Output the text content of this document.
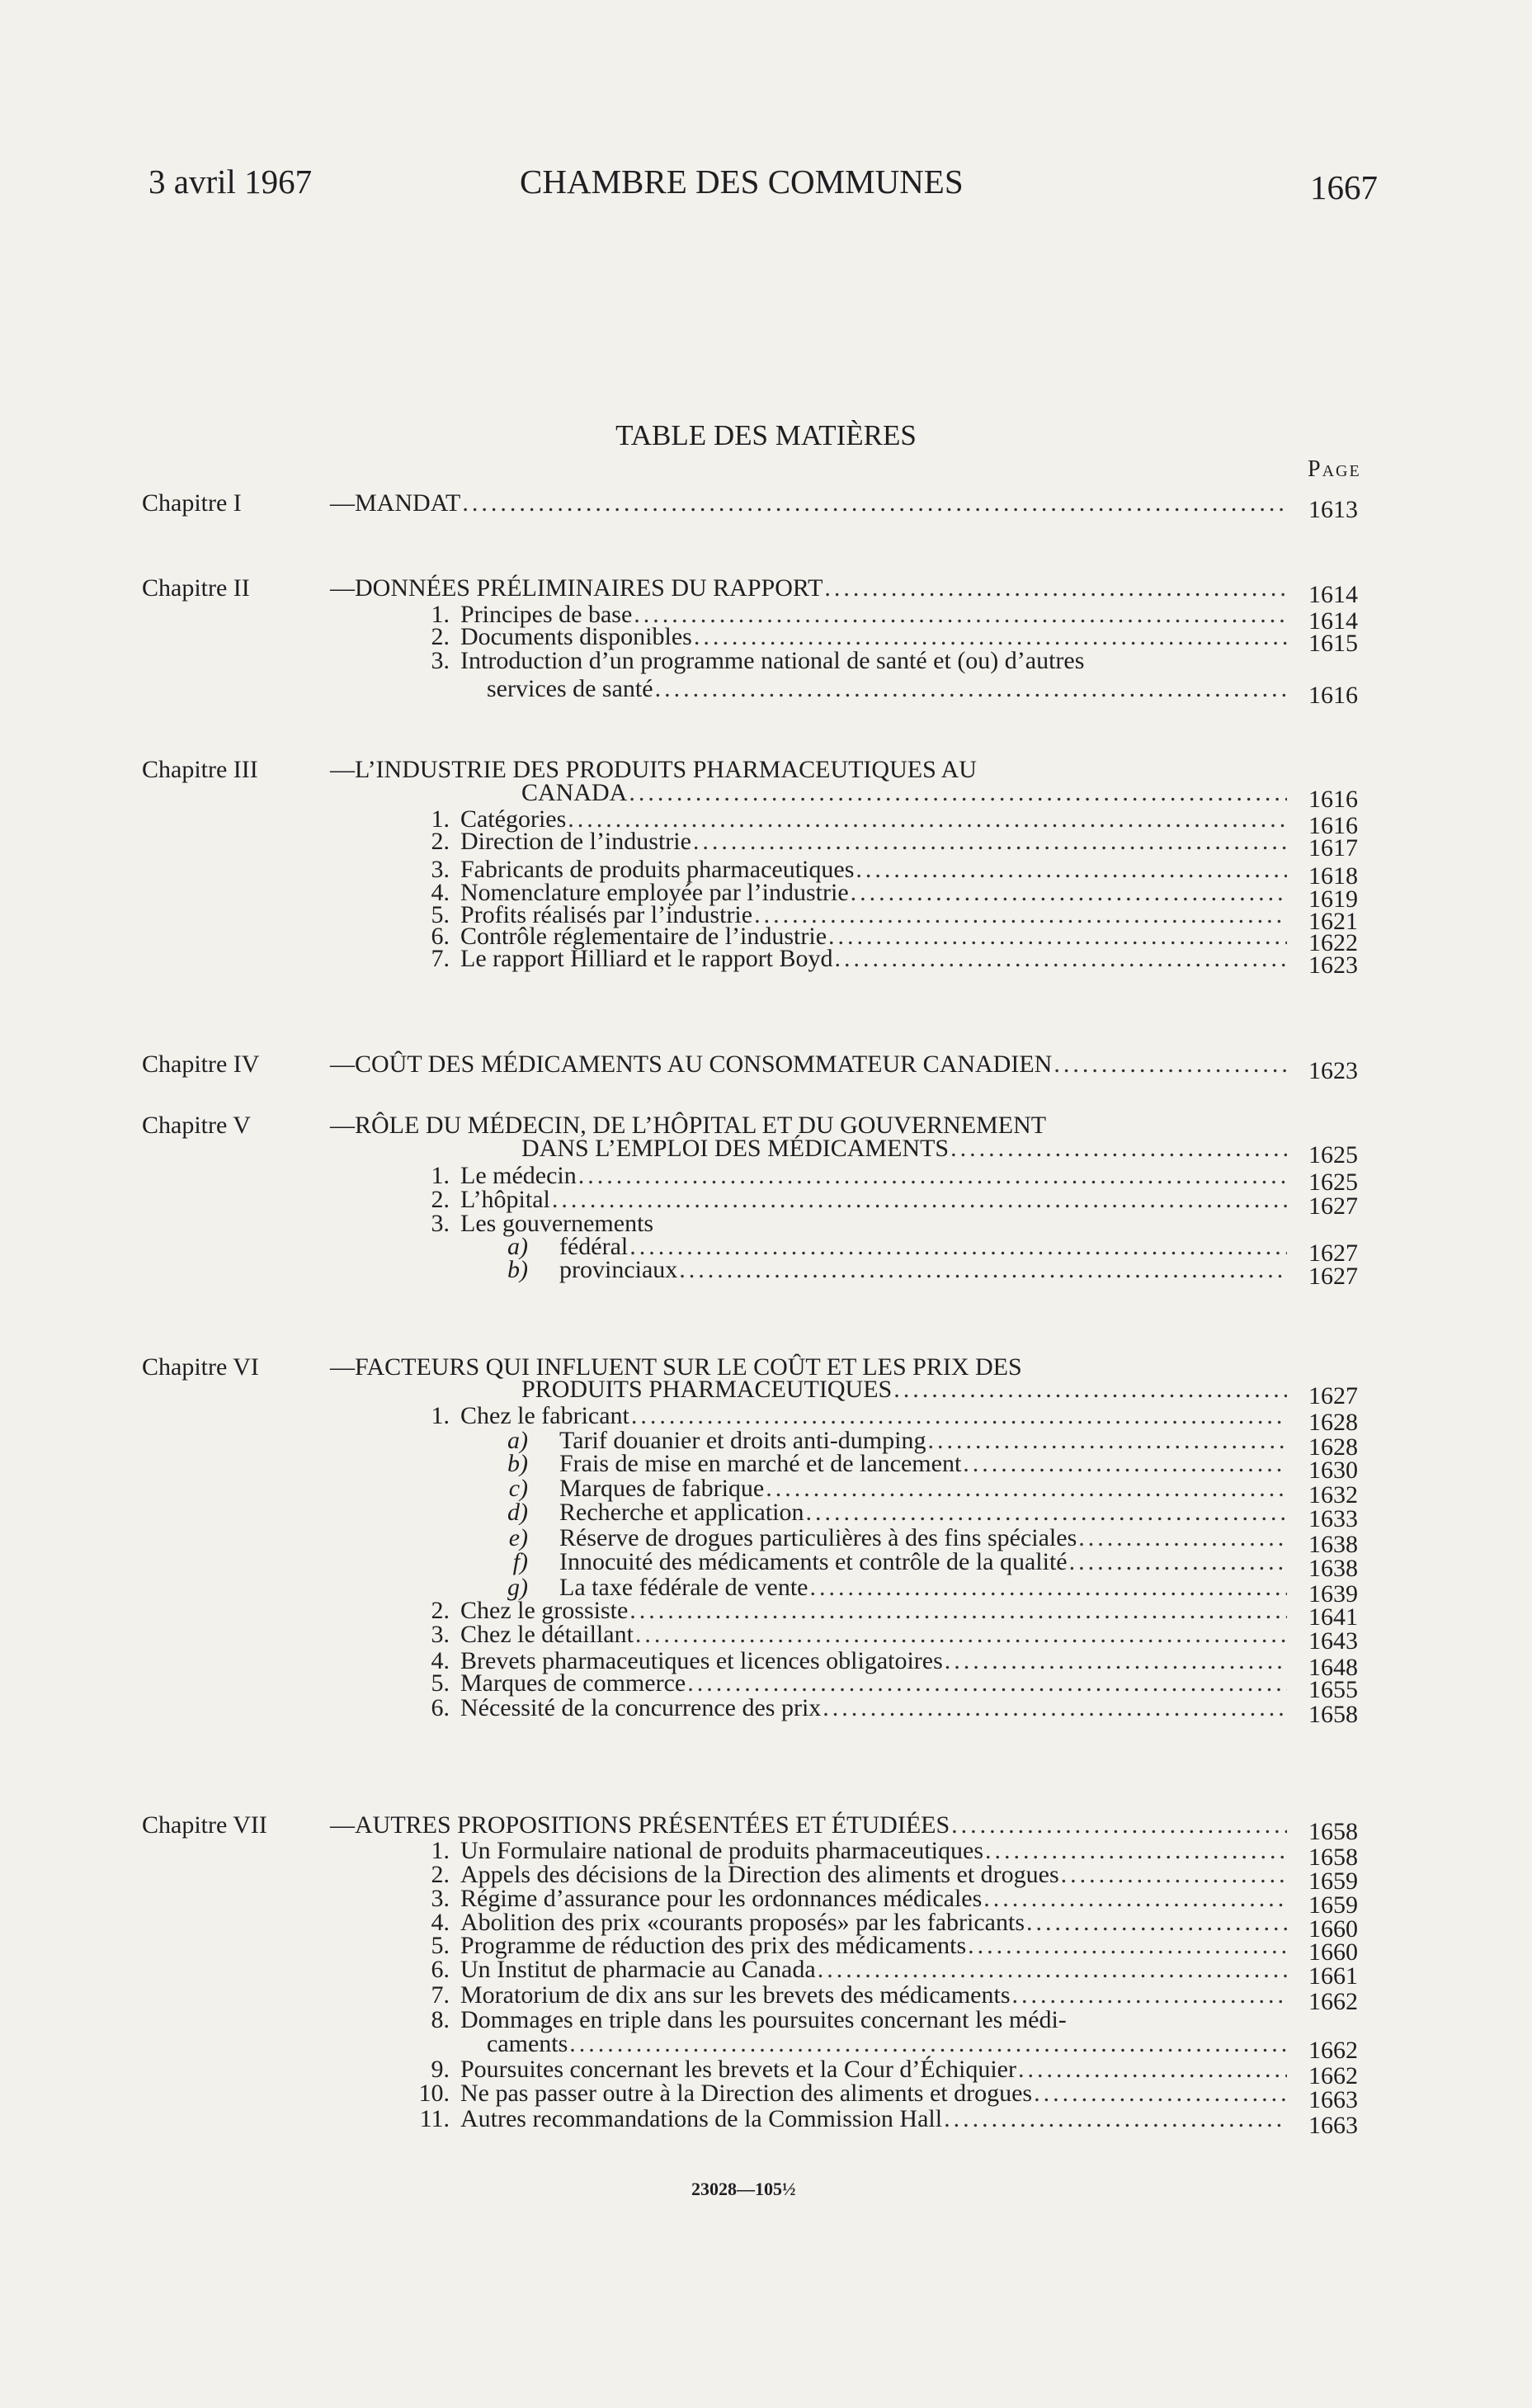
3 avril 1967	CHAMBRE DES COMMUNES	1667
TABLE DES MATIÈRES
Page
Chapitre I	—MANDAT .....	1613
Chapitre II	—DONNÉES PRÉLIMINAIRES DU RAPPORT .....	1614
1. Principes de base .....	1614
2. Documents disponibles .....	1615
3. Introduction d’un programme national de santé et (ou) d’autres
services de santé .....	1616
Chapitre III	—L’INDUSTRIE DES PRODUITS PHARMACEUTIQUES AU
CANADA .....	1616
1. Catégories .....	1616
2. Direction de l’industrie .....	1617
3. Fabricants de produits pharmaceutiques .....	1618
4. Nomenclature employée par l’industrie .....	1619
5. Profits réalisés par l’industrie .....	1621
6. Contrôle réglementaire de l’industrie .....	1622
7. Le rapport Hilliard et le rapport Boyd .....	1623
Chapitre IV	—COÛT DES MÉDICAMENTS AU CONSOMMATEUR CANADIEN .....	1623
Chapitre V	—RÔLE DU MÉDECIN, DE L’HÔPITAL ET DU GOUVERNEMENT
DANS L’EMPLOI DES MÉDICAMENTS .....	1625
1. Le médecin .....	1625
2. L’hôpital .....	1627
3. Les gouvernements
a) fédéral .....	1627
b) provinciaux .....	1627
Chapitre VI	—FACTEURS QUI INFLUENT SUR LE COÛT ET LES PRIX DES
PRODUITS PHARMACEUTIQUES .....	1627
1. Chez le fabricant .....	1628
a) Tarif douanier et droits anti-dumping .....	1628
b) Frais de mise en marché et de lancement .....	1630
c) Marques de fabrique .....	1632
d) Recherche et application .....	1633
e) Réserve de drogues particulières à des fins spéciales .....	1638
f) Innocuité des médicaments et contrôle de la qualité .....	1638
g) La taxe fédérale de vente .....	1639
2. Chez le grossiste .....	1641
3. Chez le détaillant .....	1643
4. Brevets pharmaceutiques et licences obligatoires .....	1648
5. Marques de commerce .....	1655
6. Nécessité de la concurrence des prix .....	1658
Chapitre VII	—AUTRES PROPOSITIONS PRÉSENTÉES ET ÉTUDIÉES .....	1658
1. Un Formulaire national de produits pharmaceutiques .....	1658
2. Appels des décisions de la Direction des aliments et drogues .....	1659
3. Régime d’assurance pour les ordonnances médicales .....	1659
4. Abolition des prix «courants proposés» par les fabricants .....	1660
5. Programme de réduction des prix des médicaments .....	1660
6. Un Institut de pharmacie au Canada .....	1661
7. Moratorium de dix ans sur les brevets des médicaments .....	1662
8. Dommages en triple dans les poursuites concernant les médi-
caments .....	1662
9. Poursuites concernant les brevets et la Cour d’Échiquier .....	1662
10. Ne pas passer outre à la Direction des aliments et drogues .....	1663
11. Autres recommandations de la Commission Hall .....	1663
23028—105½
